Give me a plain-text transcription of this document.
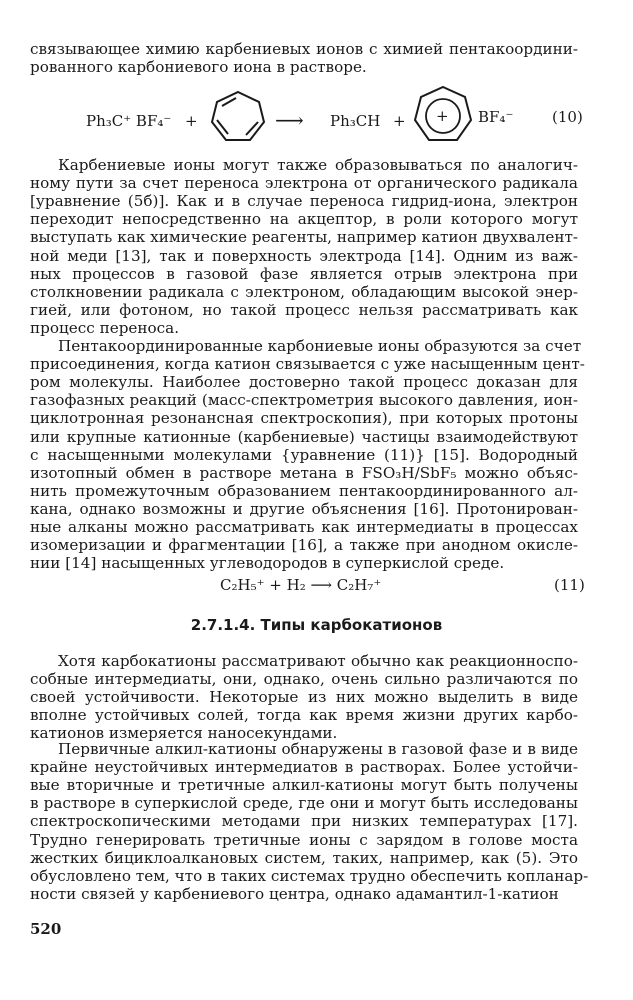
связывающее химию карбениевых ионов с химией пентакоордини-
рованного карбониевого иона в растворе.
Ph₃C⁺ BF₄⁻ +	⟶ Ph₃CH + + BF₄⁻	(10)
Карбениевые ионы могут также образовываться по аналогич-
ному пути за счет переноса электрона от органического радикала
[уравнение (5б)]. Как и в случае переноса гидрид-иона, электрон
переходит непосредственно на акцептор, в роли которого могут
выступать как химические реагенты, например катион двухвалент-
ной меди [13], так и поверхность электрода [14]. Одним из важ-
ных процессов в газовой фазе является отрыв электрона при
столкновении радикала с электроном, обладающим высокой энер-
гией, или фотоном, но такой процесс нельзя рассматривать как
процесс переноса.
Пентакоординированные карбониевые ионы образуются за счет
присоединения, когда катион связывается с уже насыщенным цент-
ром молекулы. Наиболее достоверно такой процесс доказан для
газофазных реакций (масс-спектрометрия высокого давления, ион-
циклотронная резонансная спектроскопия), при которых протоны
или крупные катионные (карбениевые) частицы взаимодействуют
с насыщенными молекулами {уравнение (11)} [15]. Водородный
изотопный обмен в растворе метана в FSO₃H/SbF₅ можно объяс-
нить промежуточным образованием пентакоординированного ал-
кана, однако возможны и другие объяснения [16]. Протонирован-
ные алканы можно рассматривать как интермедиаты в процессах
изомеризации и фрагментации [16], а также при анодном окисле-
нии [14] насыщенных углеводородов в суперкислой среде.
C₂H₅⁺ + H₂ ⟶ C₂H₇⁺	(11)
2.7.1.4. Типы карбокатионов
Хотя карбокатионы рассматривают обычно как реакционноспо-
собные интермедиаты, они, однако, очень сильно различаются по
своей устойчивости. Некоторые из них можно выделить в виде
вполне устойчивых солей, тогда как время жизни других карбо-
катионов измеряется наносекундами.
Первичные алкил-катионы обнаружены в газовой фазе и в виде
крайне неустойчивых интермедиатов в растворах. Более устойчи-
вые вторичные и третичные алкил-катионы могут быть получены
в растворе в суперкислой среде, где они и могут быть исследованы
спектроскопическими методами при низких температурах [17].
Трудно генерировать третичные ионы с зарядом в голове моста
жестких бициклоалкановых систем, таких, например, как (5). Это
обусловлено тем, что в таких системах трудно обеспечить копланар-
ности связей у карбениевого центра, однако адамантил-1-катион
520
